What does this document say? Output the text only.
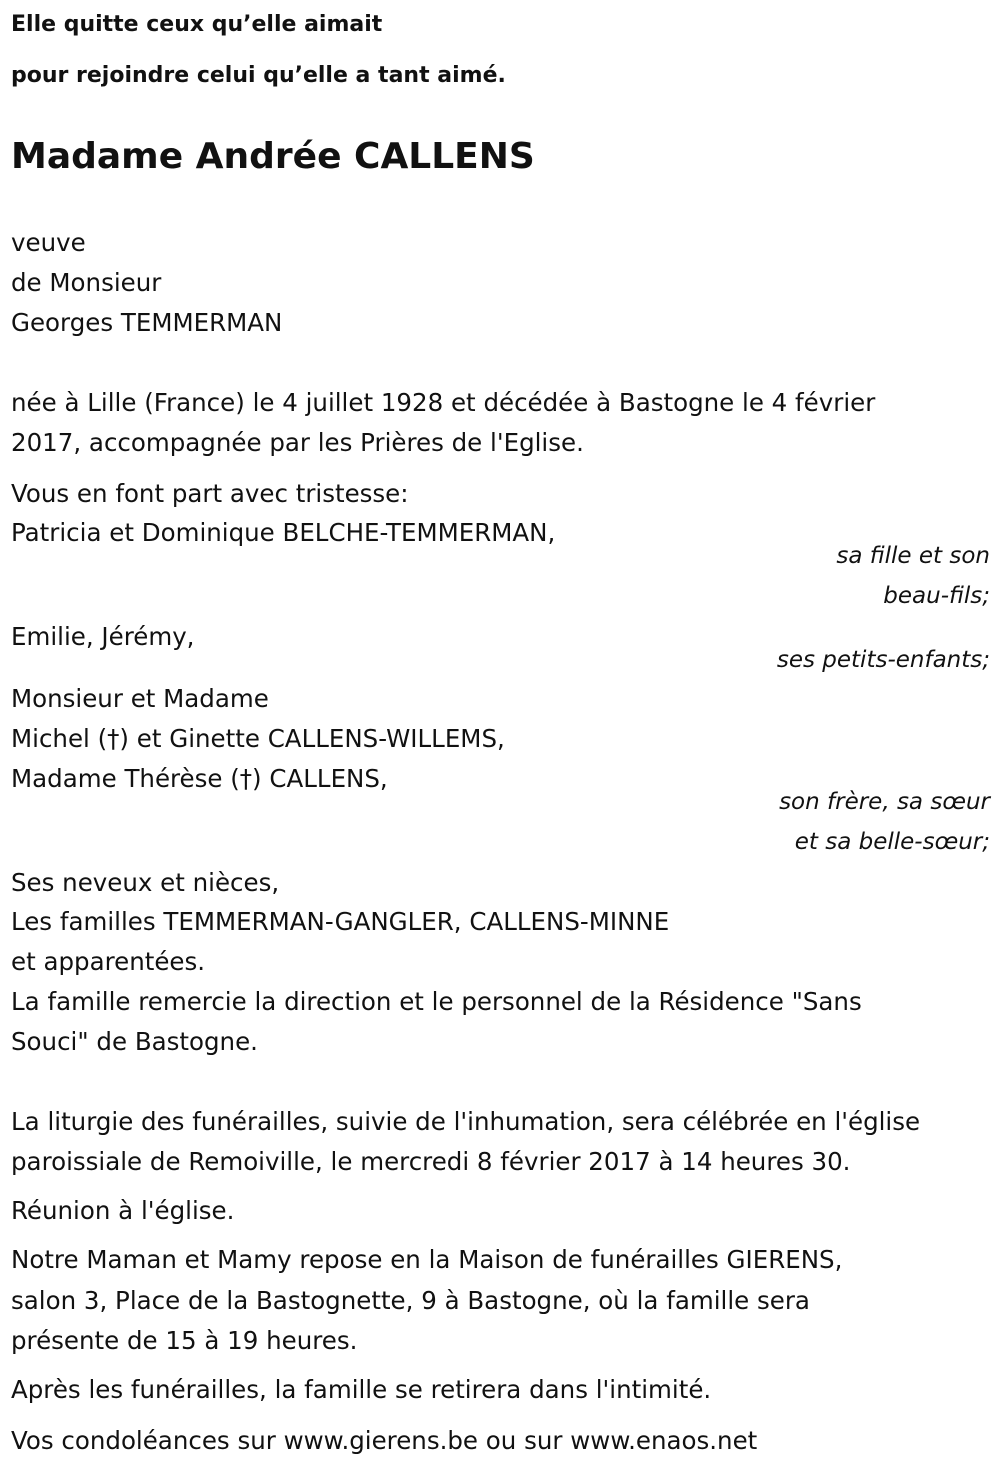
Elle quitte ceux qu’elle aimait
pour rejoindre celui qu’elle a tant aimé.
Madame Andrée CALLENS
veuve
de Monsieur
Georges TEMMERMAN
née à Lille (France) le 4 juillet 1928 et décédée à Bastogne le 4 février
2017, accompagnée par les Prières de l'Eglise.
Vous en font part avec tristesse:
Patricia et Dominique BELCHE-TEMMERMAN,
sa fille et son
beau-fils;
Emilie, Jérémy,
ses petits-enfants;
Monsieur et Madame
Michel (†) et Ginette CALLENS-WILLEMS,
Madame Thérèse (†) CALLENS,
son frère, sa sœur
et sa belle-sœur;
Ses neveux et nièces,
Les familles TEMMERMAN-GANGLER, CALLENS-MINNE
et apparentées.
La famille remercie la direction et le personnel de la Résidence "Sans
Souci" de Bastogne.
La liturgie des funérailles, suivie de l'inhumation, sera célébrée en l'église
paroissiale de Remoiville, le mercredi 8 février 2017 à 14 heures 30.
Réunion à l'église.
Notre Maman et Mamy repose en la Maison de funérailles GIERENS,
salon 3, Place de la Bastognette, 9 à Bastogne, où la famille sera
présente de 15 à 19 heures.
Après les funérailles, la famille se retirera dans l'intimité.
Vos condoléances sur www.gierens.be ou sur www.enaos.net
